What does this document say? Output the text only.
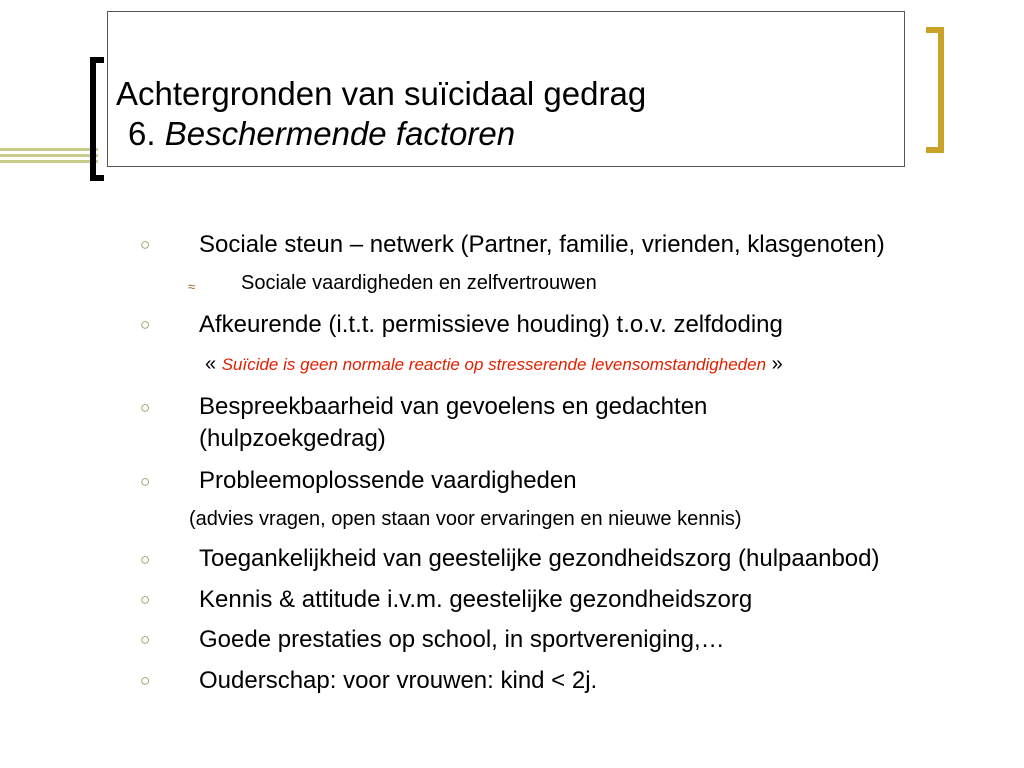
Achtergronden van suïcidaal gedrag
6. Beschermende factoren
○ Sociale steun – netwerk (Partner, familie, vrienden, klasgenoten)
≈ Sociale vaardigheden en zelfvertrouwen
○ Afkeurende (i.t.t. permissieve houding) t.o.v. zelfdoding
« Suïcide is geen normale reactie op stresserende levensomstandigheden »
○ Bespreekbaarheid van gevoelens en gedachten
(hulpzoekgedrag)
○ Probleemoplossende vaardigheden
(advies vragen, open staan voor ervaringen en nieuwe kennis)
○ Toegankelijkheid van geestelijke gezondheidszorg (hulpaanbod)
○ Kennis & attitude i.v.m. geestelijke gezondheidszorg
○ Goede prestaties op school, in sportvereniging,…
○ Ouderschap: voor vrouwen: kind < 2j.
